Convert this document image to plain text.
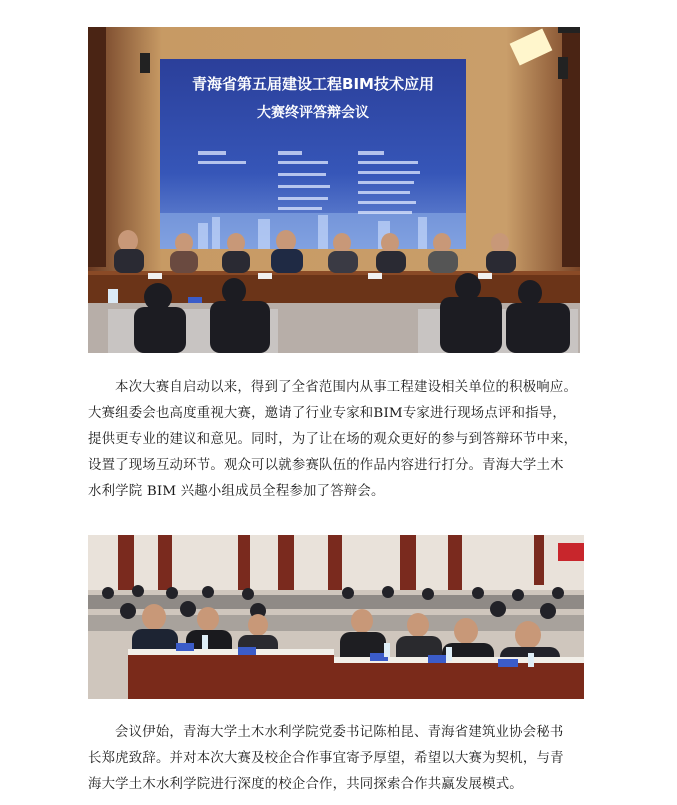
青海省第五届建设工程BIM技术应用
大赛终评答辩会议

本次大赛自启动以来，得到了全省范围内从事工程建设相关单位的积极响应。
大赛组委会也高度重视大赛，邀请了行业专家和BIM专家进行现场点评和指导，
提供更专业的建议和意见。同时，为了让在场的观众更好的参与到答辩环节中来，
设置了现场互动环节。观众可以就参赛队伍的作品内容进行打分。青海大学土木
水利学院 BIM 兴趣小组成员全程参加了答辩会。

会议伊始，青海大学土木水利学院党委书记陈柏昆、青海省建筑业协会秘书
长郑虎致辞。并对本次大赛及校企合作事宜寄予厚望，希望以大赛为契机，与青
海大学土木水利学院进行深度的校企合作，共同探索合作共赢发展模式。
